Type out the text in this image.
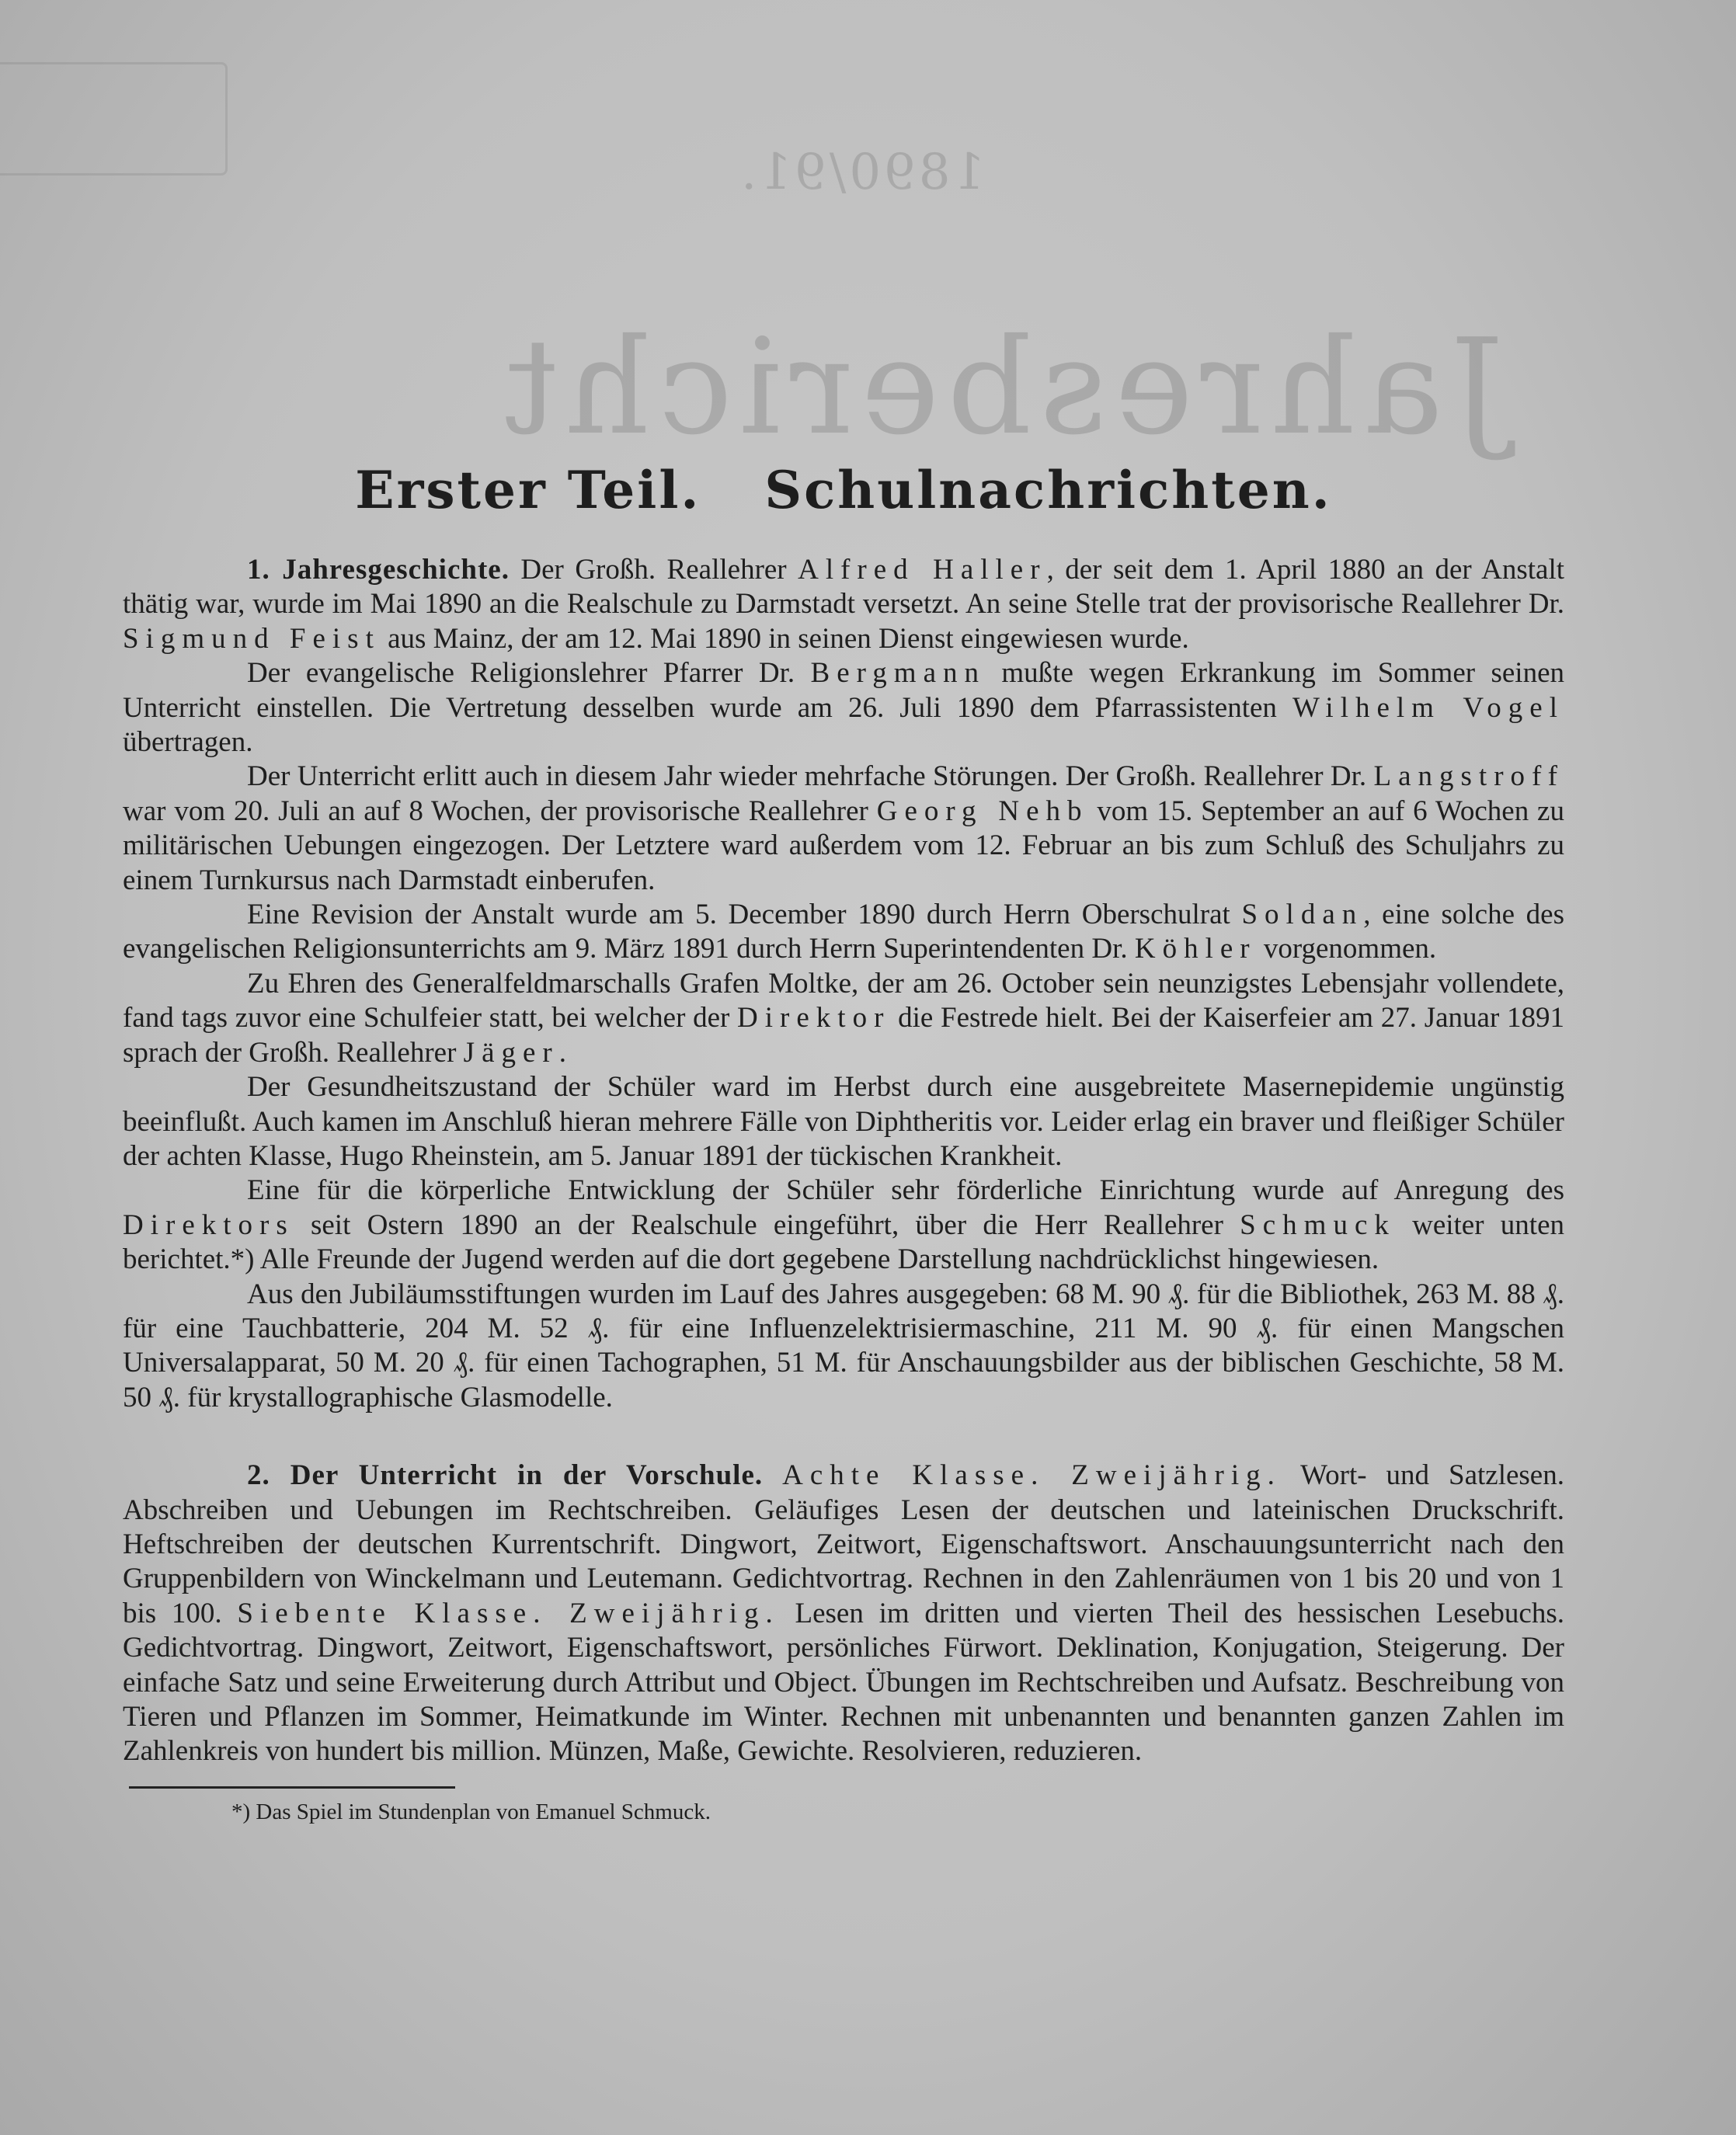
1890/91.
Jahresbericht
Erster Teil. Schulnachrichten.

1. Jahresgeschichte. Der Großh. Reallehrer Alfred Haller, der seit dem 1. April 1880 an der Anstalt thätig war, wurde im Mai 1890 an die Realschule zu Darmstadt versetzt. An seine Stelle trat der provisorische Reallehrer Dr. Sigmund Feist aus Mainz, der am 12. Mai 1890 in seinen Dienst eingewiesen wurde.

Der evangelische Religionslehrer Pfarrer Dr. Bergmann mußte wegen Erkrankung im Sommer seinen Unterricht einstellen. Die Vertretung desselben wurde am 26. Juli 1890 dem Pfarrassistenten Wilhelm Vogel übertragen.

Der Unterricht erlitt auch in diesem Jahr wieder mehrfache Störungen. Der Großh. Reallehrer Dr. Langstroff war vom 20. Juli an auf 8 Wochen, der provisorische Reallehrer Georg Nehb vom 15. September an auf 6 Wochen zu militärischen Uebungen eingezogen. Der Letztere ward außerdem vom 12. Februar an bis zum Schluß des Schuljahrs zu einem Turnkursus nach Darmstadt einberufen.

Eine Revision der Anstalt wurde am 5. December 1890 durch Herrn Oberschulrat Soldan, eine solche des evangelischen Religionsunterrichts am 9. März 1891 durch Herrn Superintendenten Dr. Köhler vorgenommen.

Zu Ehren des Generalfeldmarschalls Grafen Moltke, der am 26. October sein neunzigstes Lebensjahr vollendete, fand tags zuvor eine Schulfeier statt, bei welcher der Direktor die Festrede hielt. Bei der Kaiserfeier am 27. Januar 1891 sprach der Großh. Reallehrer Jäger.

Der Gesundheitszustand der Schüler ward im Herbst durch eine ausgebreitete Masernepidemie ungünstig beeinflußt. Auch kamen im Anschluß hieran mehrere Fälle von Diphtheritis vor. Leider erlag ein braver und fleißiger Schüler der achten Klasse, Hugo Rheinstein, am 5. Januar 1891 der tückischen Krankheit.

Eine für die körperliche Entwicklung der Schüler sehr förderliche Einrichtung wurde auf Anregung des Direktors seit Ostern 1890 an der Realschule eingeführt, über die Herr Reallehrer Schmuck weiter unten berichtet.*) Alle Freunde der Jugend werden auf die dort gegebene Darstellung nachdrücklichst hingewiesen.

Aus den Jubiläumsstiftungen wurden im Lauf des Jahres ausgegeben: 68 M. 90 ₰. für die Bibliothek, 263 M. 88 ₰. für eine Tauchbatterie, 204 M. 52 ₰. für eine Influenzelektrisiermaschine, 211 M. 90 ₰. für einen Mangschen Universalapparat, 50 M. 20 ₰. für einen Tachographen, 51 M. für Anschauungsbilder aus der biblischen Geschichte, 58 M. 50 ₰. für krystallographische Glasmodelle.

2. Der Unterricht in der Vorschule. Achte Klasse. Zweijährig. Wort- und Satzlesen. Abschreiben und Uebungen im Rechtschreiben. Geläufiges Lesen der deutschen und lateinischen Druckschrift. Heftschreiben der deutschen Kurrentschrift. Dingwort, Zeitwort, Eigenschaftswort. Anschauungsunterricht nach den Gruppenbildern von Winckelmann und Leutemann. Gedichtvortrag. Rechnen in den Zahlenräumen von 1 bis 20 und von 1 bis 100. Siebente Klasse. Zweijährig. Lesen im dritten und vierten Theil des hessischen Lesebuchs. Gedichtvortrag. Dingwort, Zeitwort, Eigenschaftswort, persönliches Fürwort. Deklination, Konjugation, Steigerung. Der einfache Satz und seine Erweiterung durch Attribut und Object. Übungen im Rechtschreiben und Aufsatz. Beschreibung von Tieren und Pflanzen im Sommer, Heimatkunde im Winter. Rechnen mit unbenannten und benannten ganzen Zahlen im Zahlenkreis von hundert bis million. Münzen, Maße, Gewichte. Resolvieren, reduzieren.

*) Das Spiel im Stundenplan von Emanuel Schmuck.
